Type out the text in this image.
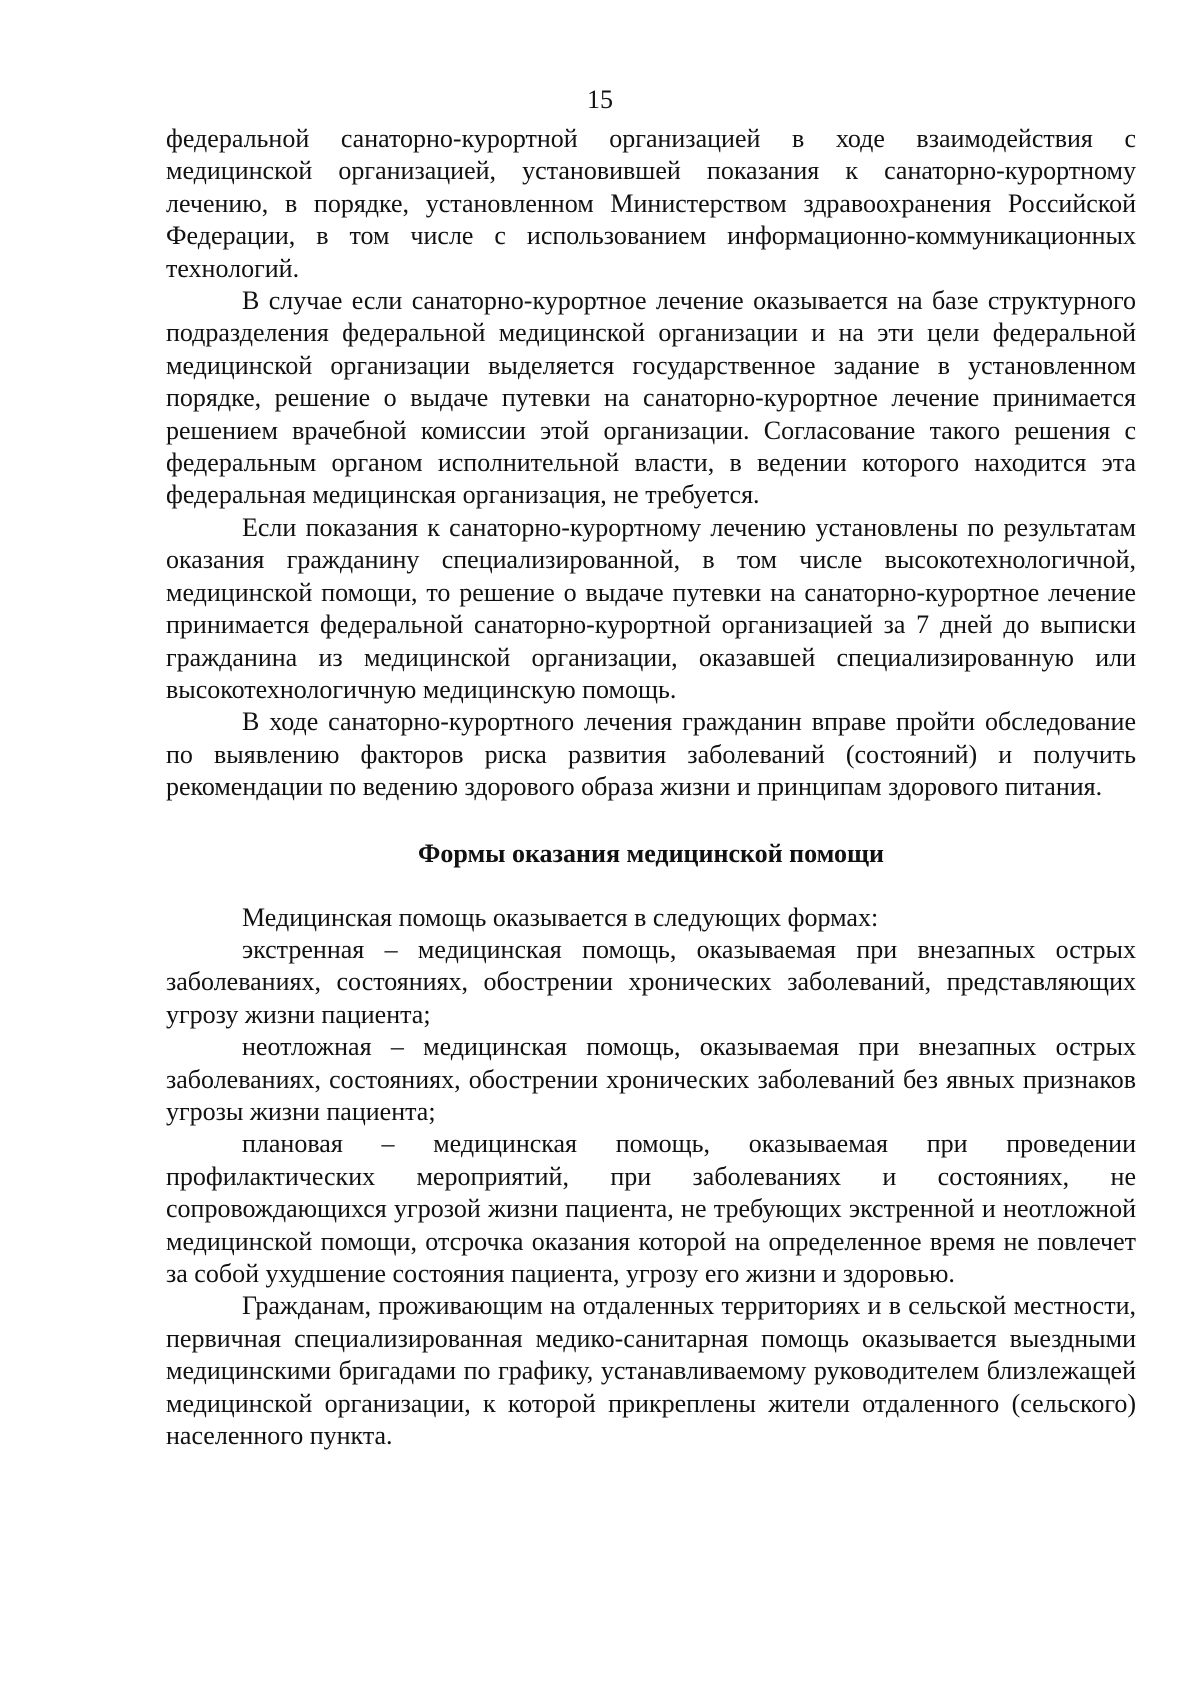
15

федеральной санаторно-курортной организацией в ходе взаимодействия с медицинской организацией, установившей показания к санаторно-курортному лечению, в порядке, установленном Министерством здравоохранения Российской Федерации, в том числе с использованием информационно-коммуникационных технологий.

В случае если санаторно-курортное лечение оказывается на базе структурного подразделения федеральной медицинской организации и на эти цели федеральной медицинской организации выделяется государственное задание в установленном порядке, решение о выдаче путевки на санаторно-курортное лечение принимается решением врачебной комиссии этой организации. Согласование такого решения с федеральным органом исполнительной власти, в ведении которого находится эта федеральная медицинская организация, не требуется.

Если показания к санаторно-курортному лечению установлены по результатам оказания гражданину специализированной, в том числе высокотехнологичной, медицинской помощи, то решение о выдаче путевки на санаторно-курортное лечение принимается федеральной санаторно-курортной организацией за 7 дней до выписки гражданина из медицинской организации, оказавшей специализированную или высокотехнологичную медицинскую помощь.

В ходе санаторно-курортного лечения гражданин вправе пройти обследование по выявлению факторов риска развития заболеваний (состояний) и получить рекомендации по ведению здорового образа жизни и принципам здорового питания.

Формы оказания медицинской помощи

Медицинская помощь оказывается в следующих формах:

экстренная – медицинская помощь, оказываемая при внезапных острых заболеваниях, состояниях, обострении хронических заболеваний, представляющих угрозу жизни пациента;

неотложная – медицинская помощь, оказываемая при внезапных острых заболеваниях, состояниях, обострении хронических заболеваний без явных признаков угрозы жизни пациента;

плановая – медицинская помощь, оказываемая при проведении профилактических мероприятий, при заболеваниях и состояниях, не сопровождающихся угрозой жизни пациента, не требующих экстренной и неотложной медицинской помощи, отсрочка оказания которой на определенное время не повлечет за собой ухудшение состояния пациента, угрозу его жизни и здоровью.

Гражданам, проживающим на отдаленных территориях и в сельской местности, первичная специализированная медико-санитарная помощь оказывается выездными медицинскими бригадами по графику, устанавливаемому руководителем близлежащей медицинской организации, к которой прикреплены жители отдаленного (сельского) населенного пункта.
